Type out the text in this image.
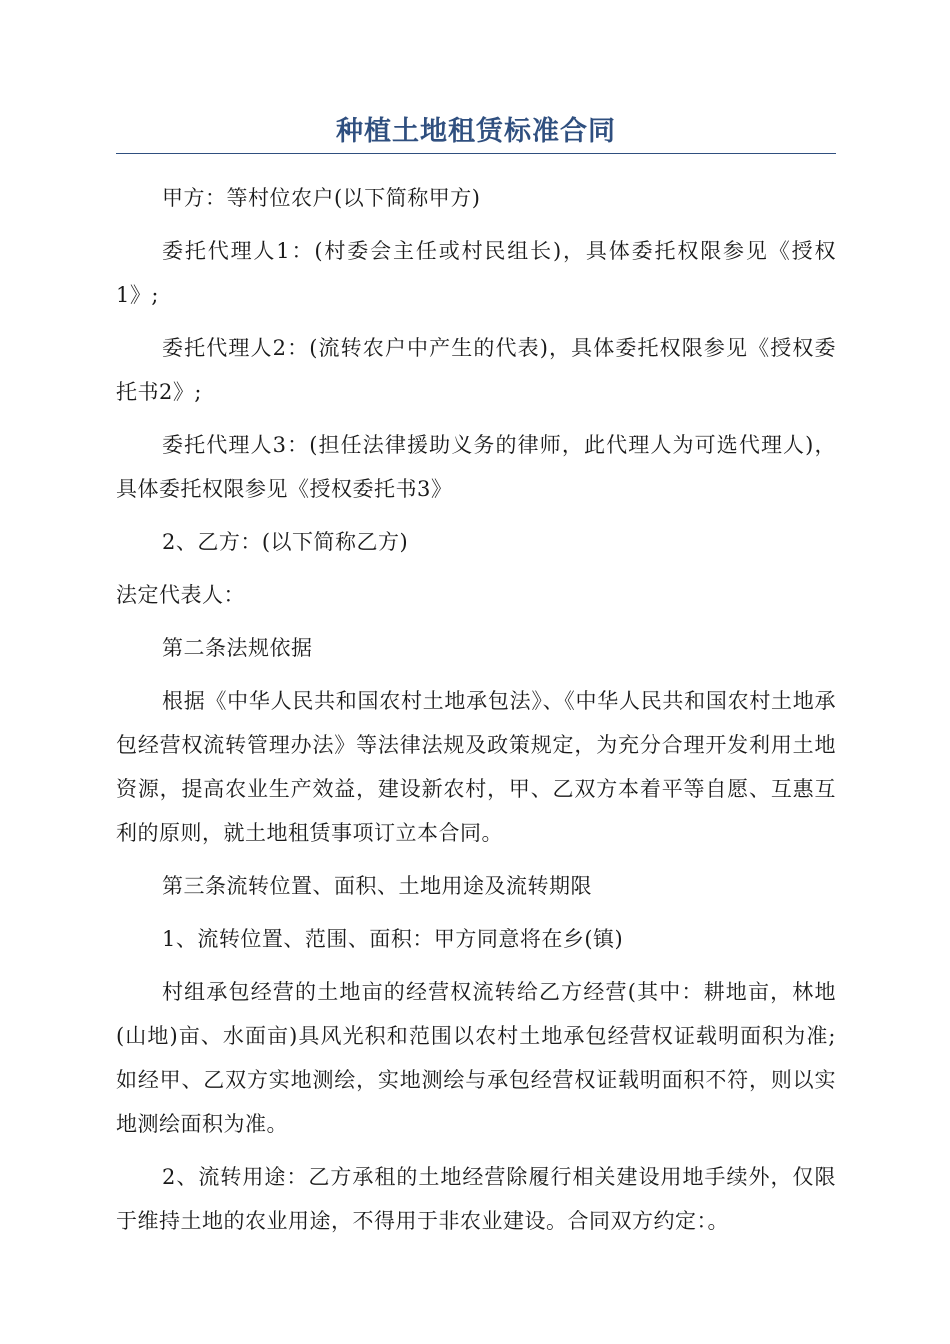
种植土地租赁标准合同

甲方：等村位农户(以下简称甲方)

委托代理人1：(村委会主任或村民组长)，具体委托权限参见《授权1》;

委托代理人2：(流转农户中产生的代表)，具体委托权限参见《授权委托书2》;

委托代理人3：(担任法律援助义务的律师，此代理人为可选代理人)，具体委托权限参见《授权委托书3》

2、乙方：(以下简称乙方)

法定代表人：

第二条法规依据

根据《中华人民共和国农村土地承包法》、《中华人民共和国农村土地承包经营权流转管理办法》等法律法规及政策规定，为充分合理开发利用土地资源，提高农业生产效益，建设新农村，甲、乙双方本着平等自愿、互惠互利的原则，就土地租赁事项订立本合同。

第三条流转位置、面积、土地用途及流转期限

1、流转位置、范围、面积：甲方同意将在乡(镇)

村组承包经营的土地亩的经营权流转给乙方经营(其中：耕地亩，林地(山地)亩、水面亩)具风光积和范围以农村土地承包经营权证载明面积为准;如经甲、乙双方实地测绘，实地测绘与承包经营权证载明面积不符，则以实地测绘面积为准。

2、流转用途：乙方承租的土地经营除履行相关建设用地手续外，仅限于维持土地的农业用途，不得用于非农业建设。合同双方约定：。
